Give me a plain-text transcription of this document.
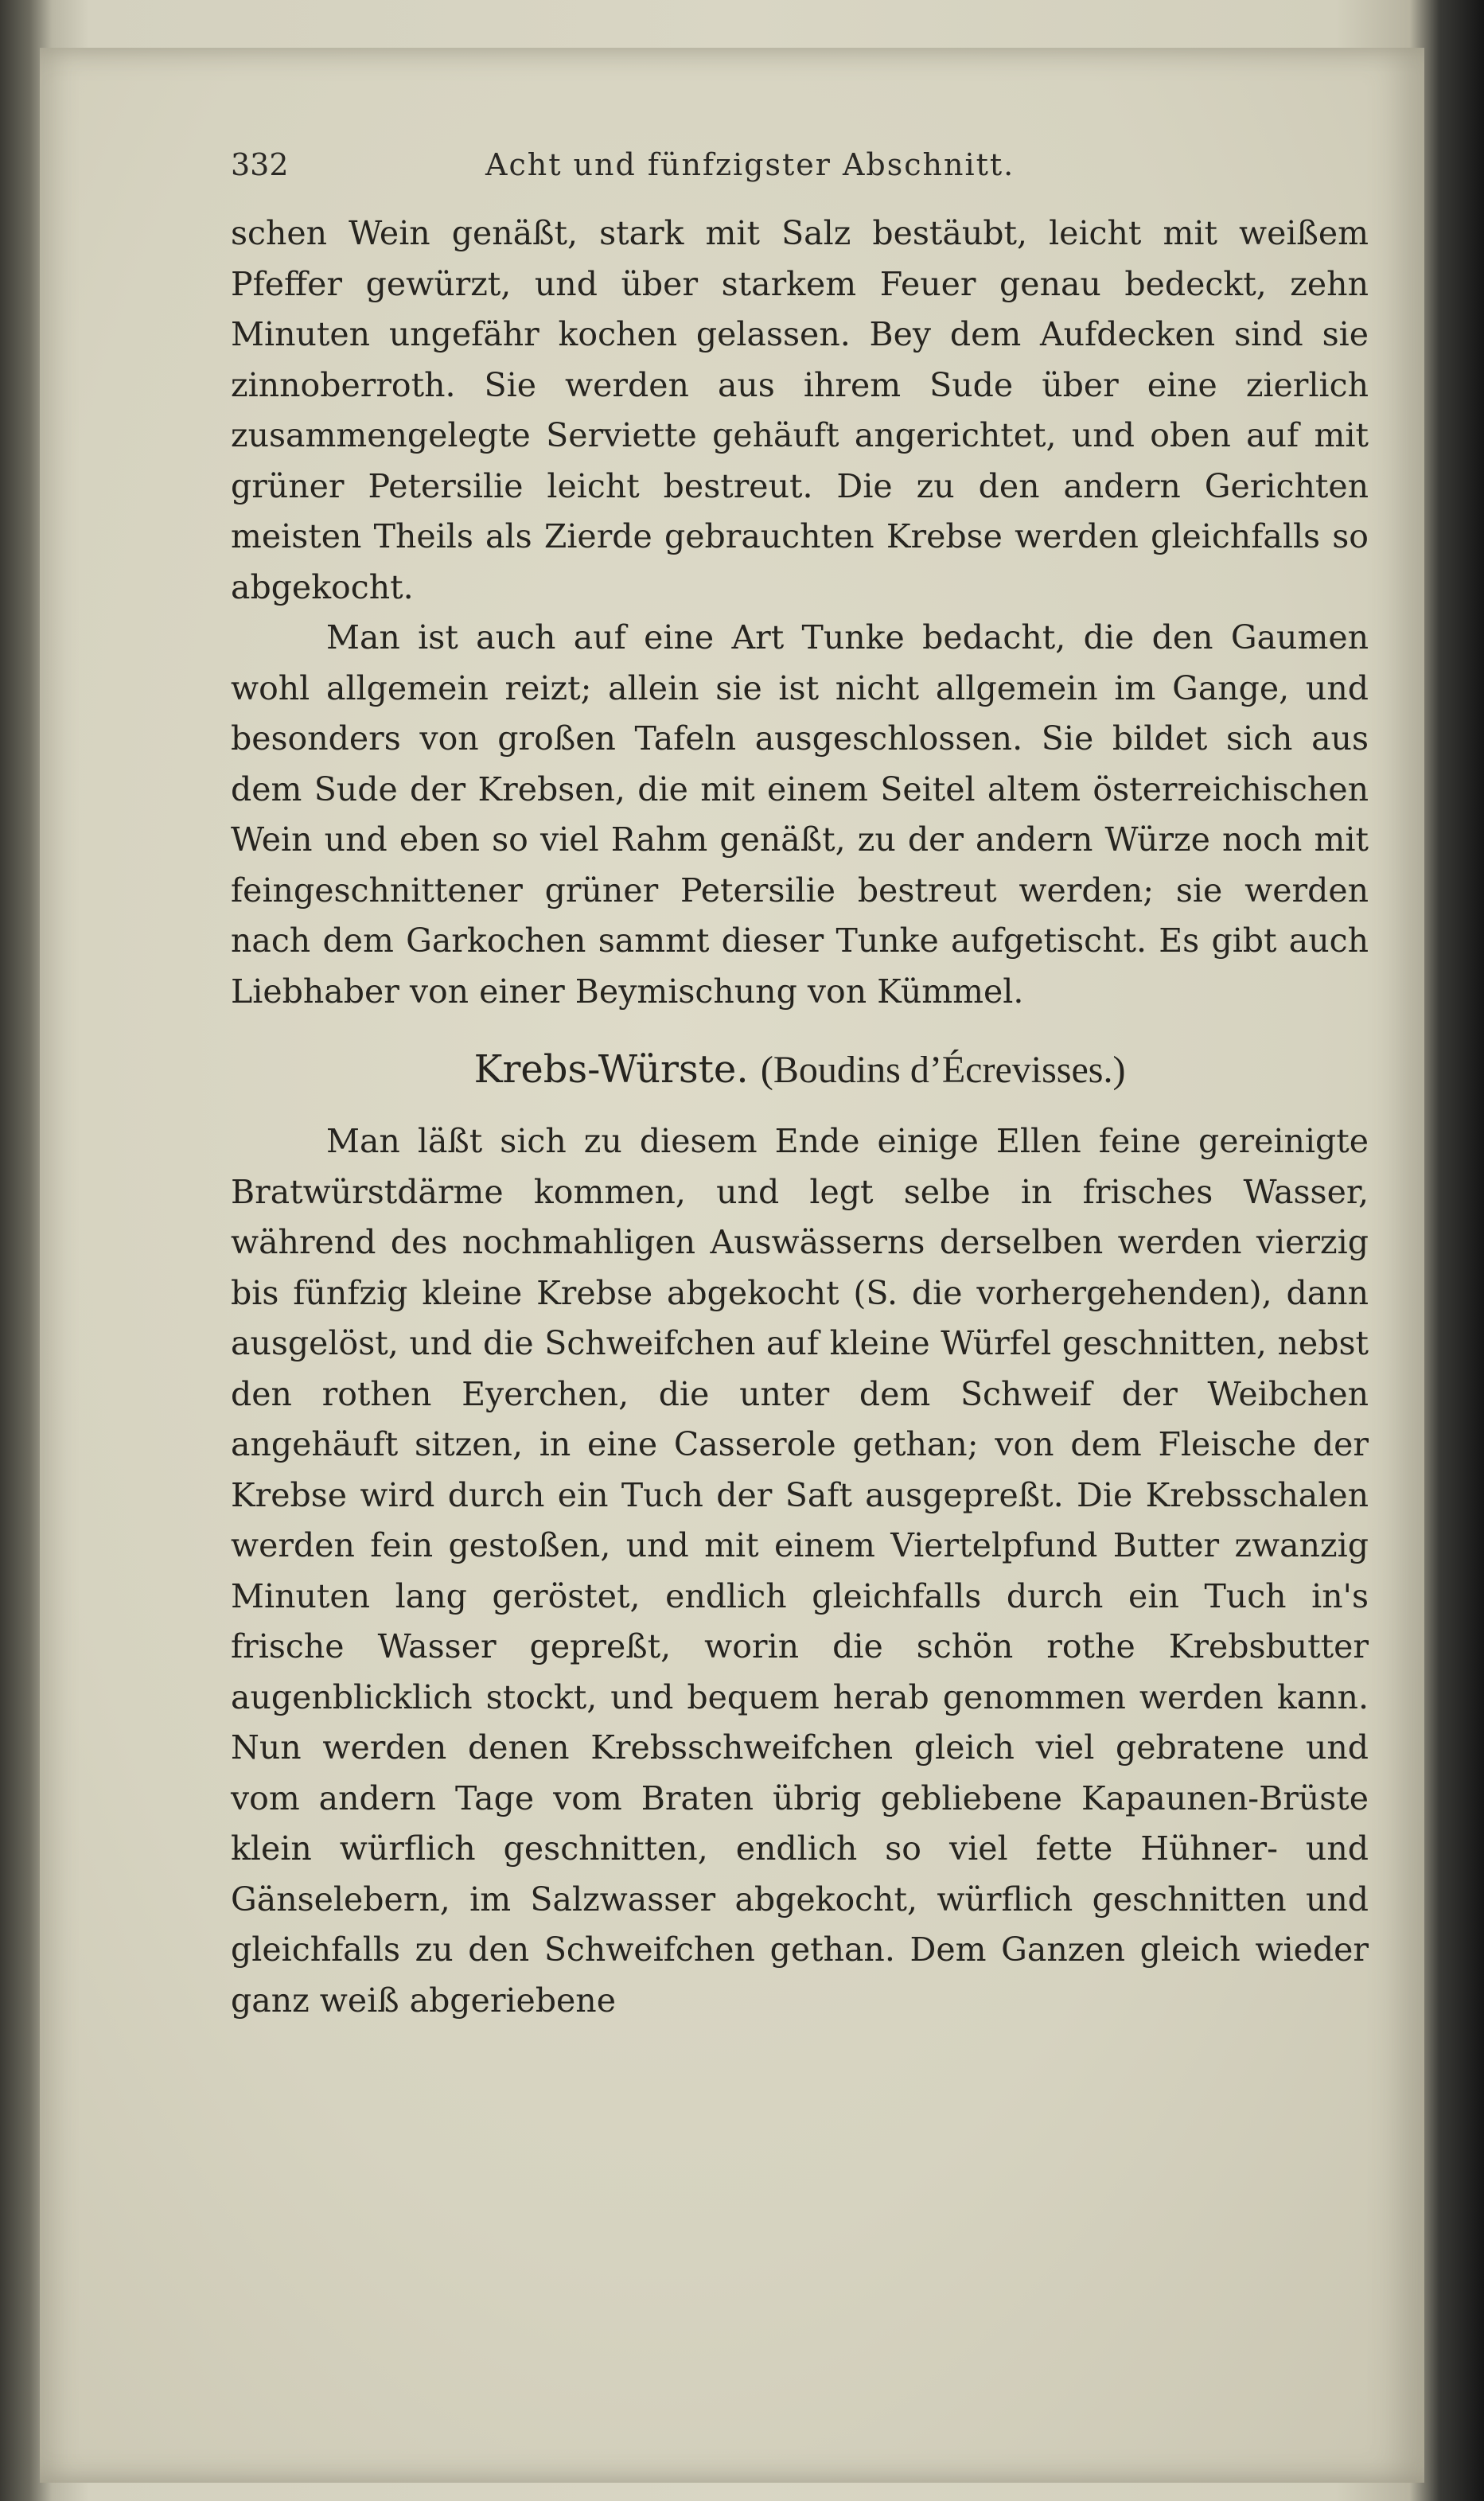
332	Acht und fünfzigster Abschnitt.

schen Wein genäßt, stark mit Salz bestäubt, leicht mit weißem Pfeffer gewürzt, und über starkem Feuer genau bedeckt, zehn Minuten ungefähr kochen gelassen. Bey dem Aufdecken sind sie zinnoberroth. Sie werden aus ihrem Sude über eine zierlich zusammengelegte Serviette gehäuft angerichtet, und oben auf mit grüner Petersilie leicht bestreut. Die zu den andern Gerichten meisten Theils als Zierde gebrauchten Krebse werden gleichfalls so abgekocht.

Man ist auch auf eine Art Tunke bedacht, die den Gaumen wohl allgemein reizt; allein sie ist nicht allgemein im Gange, und besonders von großen Tafeln ausgeschlossen. Sie bildet sich aus dem Sude der Krebsen, die mit einem Seitel altem österreichischen Wein und eben so viel Rahm genäßt, zu der andern Würze noch mit feingeschnittener grüner Petersilie bestreut werden; sie werden nach dem Garkochen sammt dieser Tunke aufgetischt. Es gibt auch Liebhaber von einer Beymischung von Kümmel.

Krebs-Würste. (Boudins d’Écrevisses.)

Man läßt sich zu diesem Ende einige Ellen feine gereinigte Bratwürstdärme kommen, und legt selbe in frisches Wasser, während des nochmahligen Auswässerns derselben werden vierzig bis fünfzig kleine Krebse abgekocht (S. die vorhergehenden), dann ausgelöst, und die Schweifchen auf kleine Würfel geschnitten, nebst den rothen Eyerchen, die unter dem Schweif der Weibchen angehäuft sitzen, in eine Casserole gethan; von dem Fleische der Krebse wird durch ein Tuch der Saft ausgepreßt. Die Krebsschalen werden fein gestoßen, und mit einem Viertelpfund Butter zwanzig Minuten lang geröstet, endlich gleichfalls durch ein Tuch in's frische Wasser gepreßt, worin die schön rothe Krebsbutter augenblicklich stockt, und bequem herab genommen werden kann. Nun werden denen Krebsschweifchen gleich viel gebratene und vom andern Tage vom Braten übrig gebliebene Kapaunen-Brüste klein würflich geschnitten, endlich so viel fette Hühner- und Gänselebern, im Salzwasser abgekocht, würflich geschnitten und gleichfalls zu den Schweifchen gethan. Dem Ganzen gleich wieder ganz weiß abgeriebene
